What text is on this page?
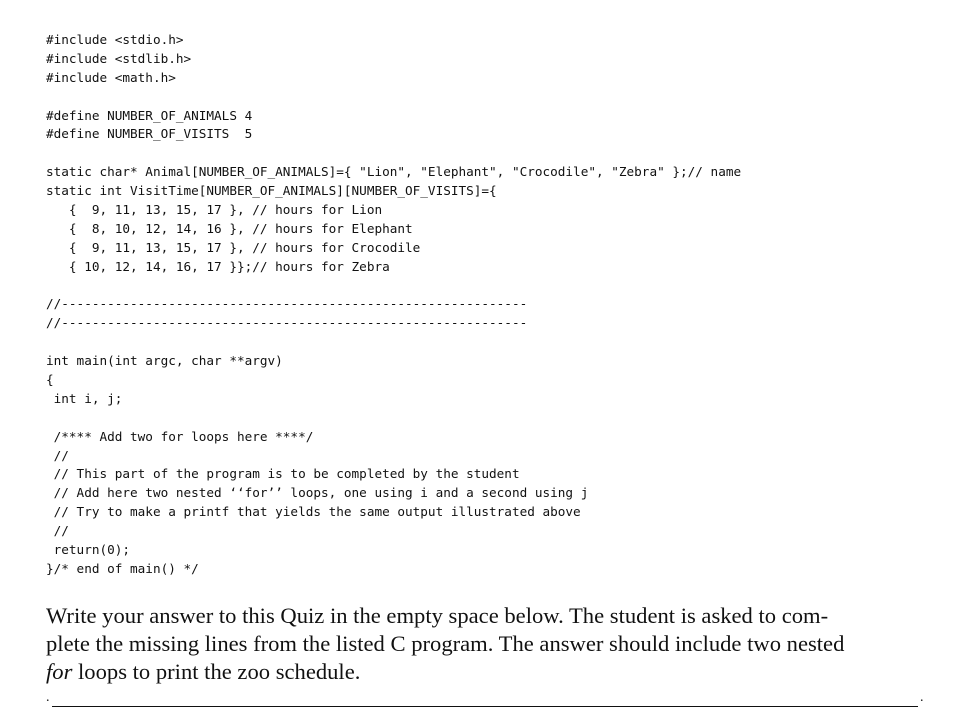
#include <stdio.h>
#include <stdlib.h>
#include <math.h>
#define NUMBER_OF_ANIMALS 4
#define NUMBER_OF_VISITS  5
static char* Animal[NUMBER_OF_ANIMALS]={ "Lion", "Elephant", "Crocodile", "Zebra" };// name
static int VisitTime[NUMBER_OF_ANIMALS][NUMBER_OF_VISITS]={
{  9, 11, 13, 15, 17 }, // hours for Lion
{  8, 10, 12, 14, 16 }, // hours for Elephant
{  9, 11, 13, 15, 17 }, // hours for Crocodile
{ 10, 12, 14, 16, 17 }};// hours for Zebra
//-------------------------------------------------------------
//-------------------------------------------------------------
int main(int argc, char **argv)
{
int i, j;
/**** Add two for loops here ****/
//
// This part of the program is to be completed by the student
// Add here two nested ‘‘for’’ loops, one using i and a second using j
// Try to make a printf that yields the same output illustrated above
//
return(0);
}/* end of main() */
Write your answer to this Quiz in the empty space below. The student is asked to com-
plete the missing lines from the listed C program. The answer should include two nested
for loops to print the zoo schedule.
.	.
